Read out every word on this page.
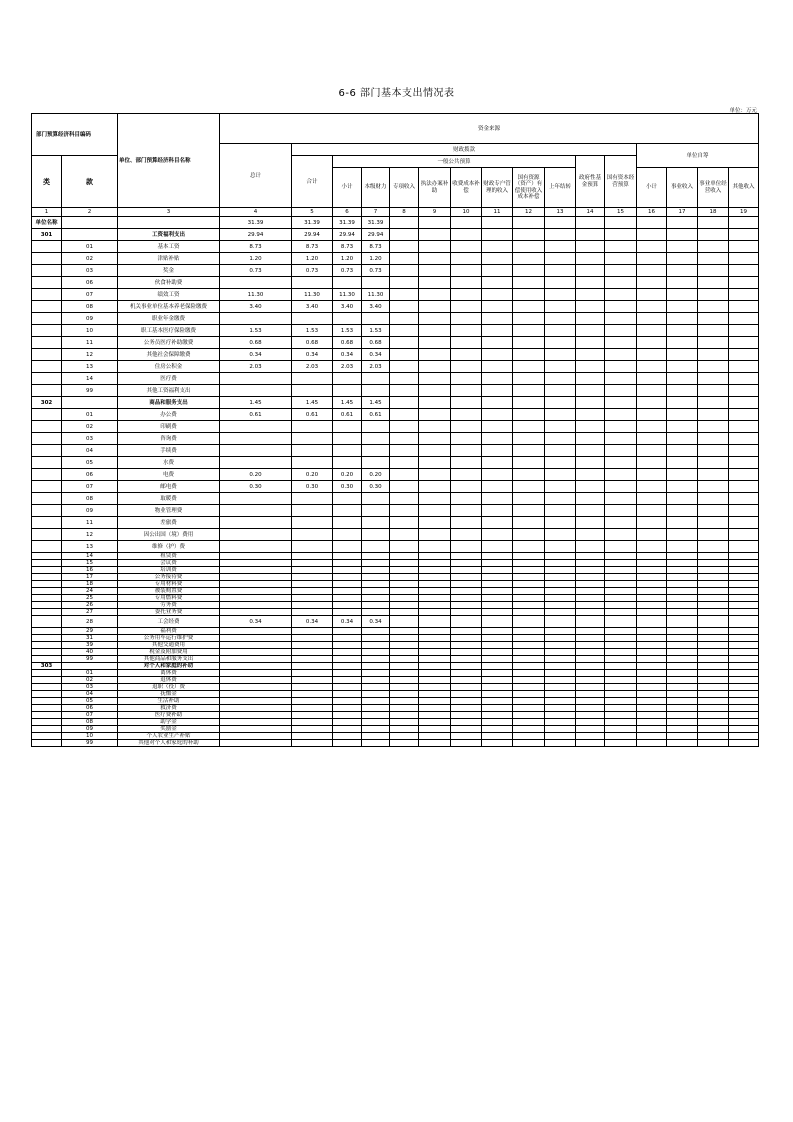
6-6 部门基本支出情况表
单位：万元
部门预算经济科目编码		单位、部门预算经济科目名称	资金来源															
			总计	财政拨款											单位自筹			
类	款			合计	一般公共预算								政府性基金预算	国有资本经营预算				
					小计	本级财力	专项收入	执法办案补助	收费成本补偿	财政专户管理的收入	国有资源（资产）有偿使用收入成本补偿	上年结转			小计	事业收入	事业单位经营收入	其他收入
1	2	3	4	5	6	7	8	9	10	11	12	13	14	15	16	17	18	19
单位名称			31.39	31.39	31.39	31.39												
301		工资福利支出	29.94	29.94	29.94	29.94												
	01	基本工资	8.73	8.73	8.73	8.73												
	02	津贴补贴	1.20	1.20	1.20	1.20												
	03	奖金	0.73	0.73	0.73	0.73												
	06	伙食补助费																
	07	绩效工资	11.30	11.30	11.30	11.30												
	08	机关事业单位基本养老保险缴费	3.40	3.40	3.40	3.40												
	09	职业年金缴费																
	10	职工基本医疗保险缴费	1.53	1.53	1.53	1.53												
	11	公务员医疗补助缴费	0.68	0.68	0.68	0.68												
	12	其他社会保障缴费	0.34	0.34	0.34	0.34												
	13	住房公积金	2.03	2.03	2.03	2.03												
	14	医疗费																
	99	其他工资福利支出																
302		商品和服务支出	1.45	1.45	1.45	1.45												
	01	办公费	0.61	0.61	0.61	0.61												
	02	印刷费																
	03	咨询费																
	04	手续费																
	05	水费																
	06	电费	0.20	0.20	0.20	0.20												
	07	邮电费	0.30	0.30	0.30	0.30												
	08	取暖费																
	09	物业管理费																
	11	差旅费																
	12	因公出国（境）费用																
	13	维修（护）费																
	14	租赁费																
	15	会议费																
	16	培训费																
	17	公务接待费																
	18	专用材料费																
	24	被装购置费																
	25	专用燃料费																
	26	劳务费																
	27	委托业务费																
	28	工会经费	0.34	0.34	0.34	0.34												
	29	福利费																
	31	公务用车运行维护费																
	39	其他交通费用																
	40	税金及附加费用																
	99	其他商品和服务支出																
303		对个人和家庭的补助																
	01	离休费																
	02	退休费																
	03	退职（役）费																
	04	抚恤金																
	05	生活补助																
	06	救济费																
	07	医疗费补助																
	08	助学金																
	09	奖励金																
	10	个人农业生产补贴																
	99	其他对个人和家庭的补助																
